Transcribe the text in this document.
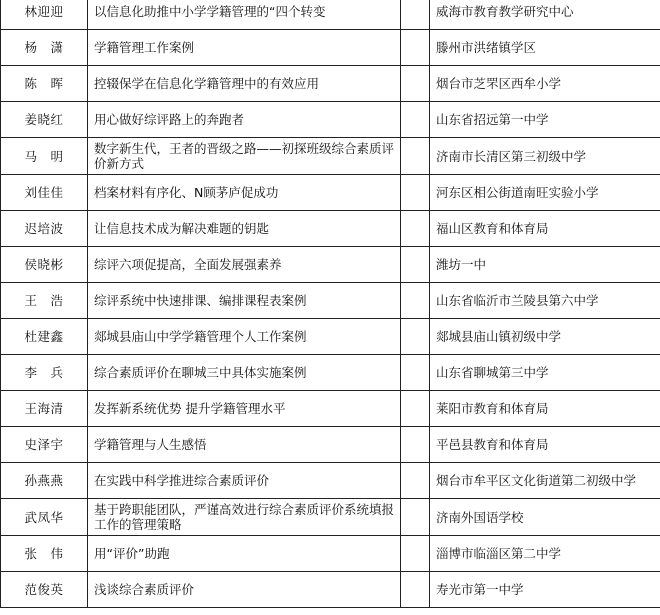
林迎迎	以信息化助推中小学学籍管理的“四个转变		威海市教育教学研究中心
杨　潇	学籍管理工作案例		滕州市洪绪镇学区
陈　晖	控辍保学在信息化学籍管理中的有效应用		烟台市芝罘区西牟小学
姜晓红	用心做好综评路上的奔跑者		山东省招远第一中学
马　明	数字新生代，王者的晋级之路——初探班级综合素质评价新方式		济南市长清区第三初级中学
刘佳佳	档案材料有序化、N顾茅庐促成功		河东区相公街道南旺实验小学
迟培波	让信息技术成为解决难题的钥匙		福山区教育和体育局
侯晓彬	综评六项促提高，全面发展强素养		潍坊一中
王　浩	综评系统中快速排课、编排课程表案例		山东省临沂市兰陵县第六中学
杜建鑫	郯城县庙山中学学籍管理个人工作案例		郯城县庙山镇初级中学
李　兵	综合素质评价在聊城三中具体实施案例		山东省聊城第三中学
王海清	发挥新系统优势 提升学籍管理水平		莱阳市教育和体育局
史泽宇	学籍管理与人生感悟		平邑县教育和体育局
孙燕燕	在实践中科学推进综合素质评价		烟台市牟平区文化街道第二初级中学
武凤华	基于跨职能团队，严谨高效进行综合素质评价系统填报工作的管理策略		济南外国语学校
张　伟	用“评价”助跑		淄博市临淄区第二中学
范俊英	浅谈综合素质评价		寿光市第一中学
